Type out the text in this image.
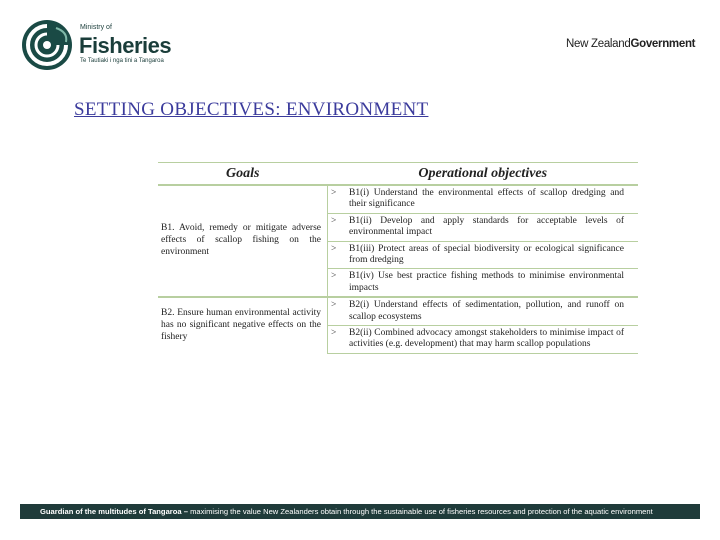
Ministry of
Fisheries
Te Tautiaki i nga tini a Tangaroa
New ZealandGovernment
SETTING OBJECTIVES: ENVIRONMENT
Goals	Operational objectives	
B1. Avoid, remedy or mitigate adverse effects of scallop fishing on the environment	>	B1(i) Understand the environmental effects of scallop dredging and their significance
	>	B1(ii) Develop and apply standards for acceptable levels of environmental impact
	>	B1(iii) Protect areas of special biodiversity or ecological significance from dredging
	>	B1(iv) Use best practice fishing methods to minimise environmental impacts
B2. Ensure human environmental activity has no significant negative effects on the fishery	>	B2(i) Understand effects of sedimentation, pollution, and runoff on scallop ecosystems
	>	B2(ii) Combined advocacy amongst stakeholders to minimise impact of activities (e.g. development) that may harm scallop populations
Guardian of the multitudes of Tangaroa – maximising the value New Zealanders obtain through the sustainable use of fisheries resources and protection of the aquatic environment
